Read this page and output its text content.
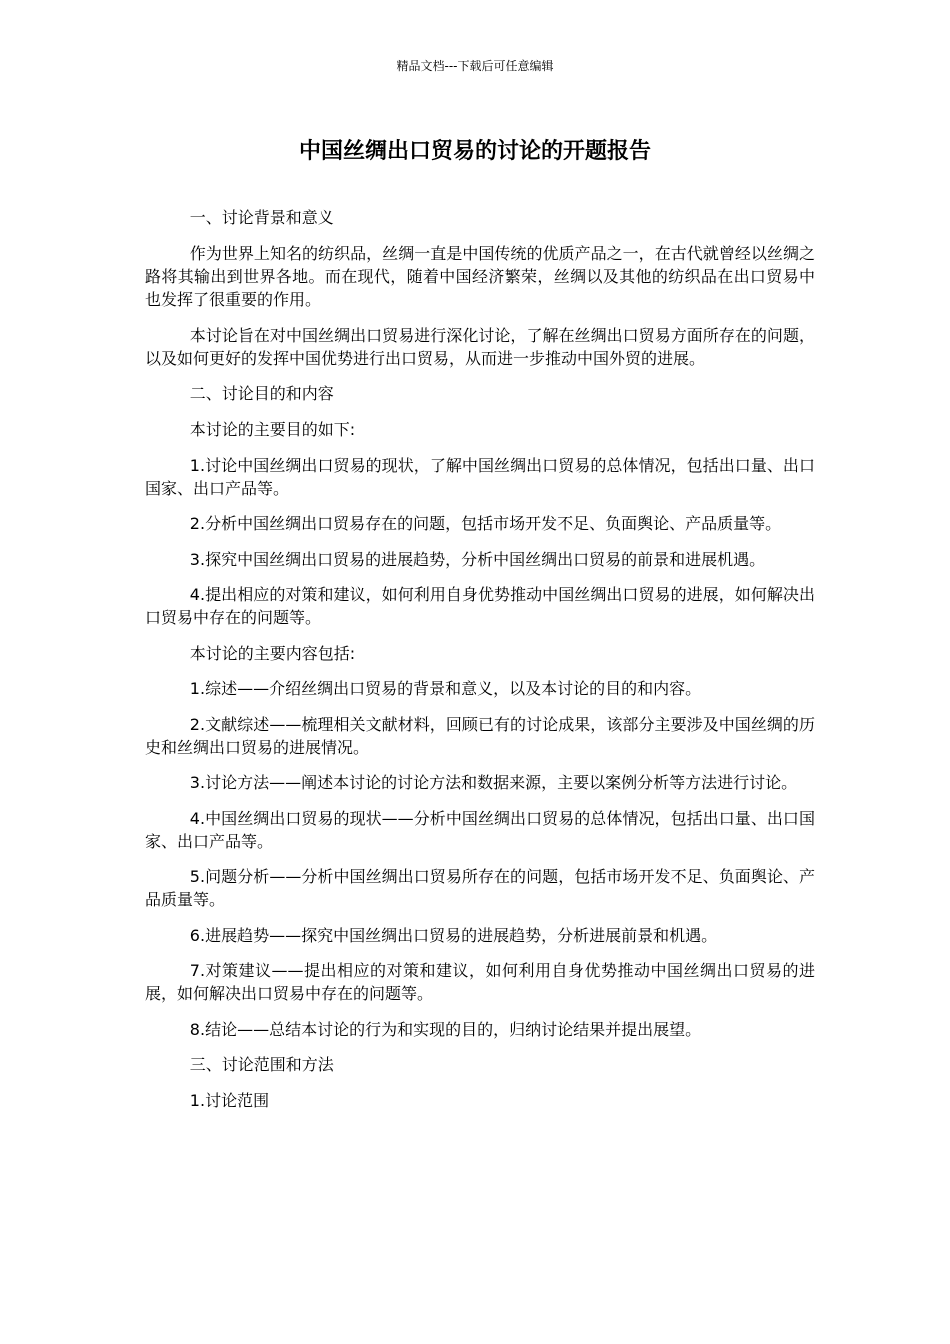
精品文档---下载后可任意编辑
中国丝绸出口贸易的讨论的开题报告

一、讨论背景和意义

作为世界上知名的纺织品，丝绸一直是中国传统的优质产品之一，在古代就曾经以丝绸之路将其输出到世界各地。而在现代，随着中国经济繁荣，丝绸以及其他的纺织品在出口贸易中也发挥了很重要的作用。

本讨论旨在对中国丝绸出口贸易进行深化讨论，了解在丝绸出口贸易方面所存在的问题，以及如何更好的发挥中国优势进行出口贸易，从而进一步推动中国外贸的进展。

二、讨论目的和内容

本讨论的主要目的如下:

1.讨论中国丝绸出口贸易的现状，了解中国丝绸出口贸易的总体情况，包括出口量、出口国家、出口产品等。

2.分析中国丝绸出口贸易存在的问题，包括市场开发不足、负面舆论、产品质量等。

3.探究中国丝绸出口贸易的进展趋势，分析中国丝绸出口贸易的前景和进展机遇。

4.提出相应的对策和建议，如何利用自身优势推动中国丝绸出口贸易的进展，如何解决出口贸易中存在的问题等。

本讨论的主要内容包括:

1.综述——介绍丝绸出口贸易的背景和意义，以及本讨论的目的和内容。

2.文献综述——梳理相关文献材料，回顾已有的讨论成果，该部分主要涉及中国丝绸的历史和丝绸出口贸易的进展情况。

3.讨论方法——阐述本讨论的讨论方法和数据来源，主要以案例分析等方法进行讨论。

4.中国丝绸出口贸易的现状——分析中国丝绸出口贸易的总体情况，包括出口量、出口国家、出口产品等。

5.问题分析——分析中国丝绸出口贸易所存在的问题，包括市场开发不足、负面舆论、产品质量等。

6.进展趋势——探究中国丝绸出口贸易的进展趋势，分析进展前景和机遇。

7.对策建议——提出相应的对策和建议，如何利用自身优势推动中国丝绸出口贸易的进展，如何解决出口贸易中存在的问题等。

8.结论——总结本讨论的行为和实现的目的，归纳讨论结果并提出展望。

三、讨论范围和方法

1.讨论范围
